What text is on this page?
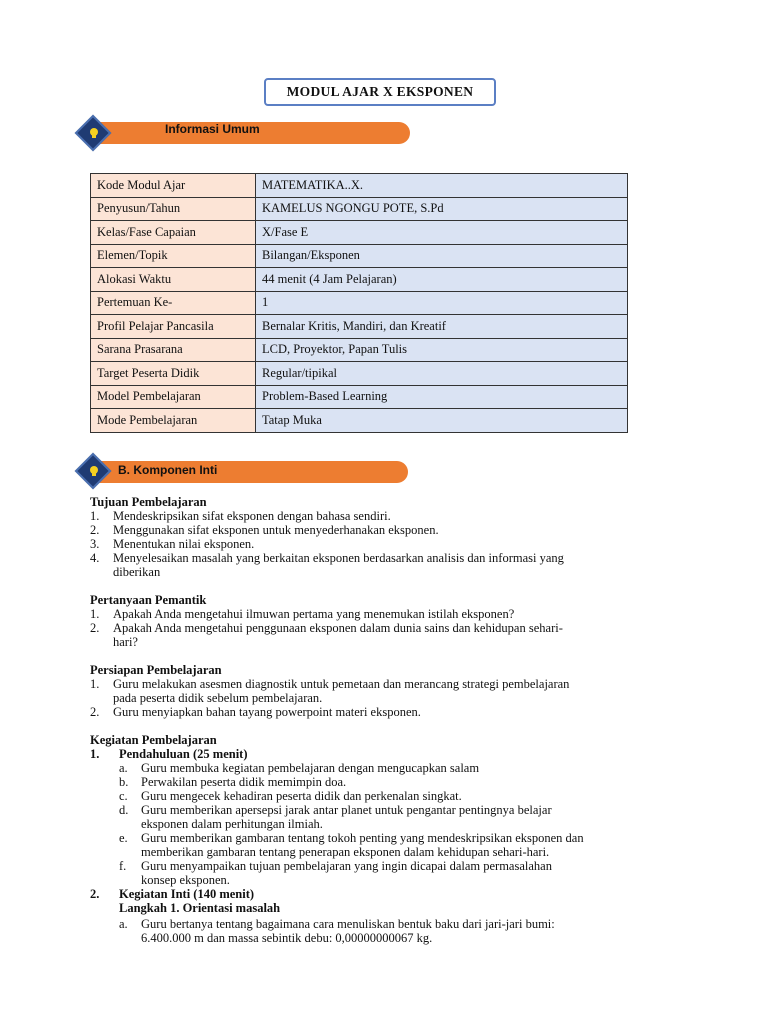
MODUL AJAR X EKSPONEN
Informasi Umum
Kode Modul Ajar	MATEMATIKA..X.
Penyusun/Tahun	KAMELUS NGONGU POTE, S.Pd
Kelas/Fase Capaian	X/Fase E
Elemen/Topik	Bilangan/Eksponen
Alokasi Waktu	44 menit (4 Jam Pelajaran)
Pertemuan Ke-	1
Profil Pelajar Pancasila	Bernalar Kritis, Mandiri, dan Kreatif
Sarana Prasarana	LCD, Proyektor, Papan Tulis
Target Peserta Didik	Regular/tipikal
Model Pembelajaran	Problem-Based Learning
Mode Pembelajaran	Tatap Muka
B. Komponen Inti
Tujuan Pembelajaran
1. Mendeskripsikan sifat eksponen dengan bahasa sendiri.
2. Menggunakan sifat eksponen untuk menyederhanakan eksponen.
3. Menentukan nilai eksponen.
4. Menyelesaikan masalah yang berkaitan eksponen berdasarkan analisis dan informasi yang
diberikan
Pertanyaan Pemantik
1. Apakah Anda mengetahui ilmuwan pertama yang menemukan istilah eksponen?
2. Apakah Anda mengetahui penggunaan eksponen dalam dunia sains dan kehidupan sehari-
hari?
Persiapan Pembelajaran
1. Guru melakukan asesmen diagnostik untuk pemetaan dan merancang strategi pembelajaran
pada peserta didik sebelum pembelajaran.
2. Guru menyiapkan bahan tayang powerpoint materi eksponen.
Kegiatan Pembelajaran
1. Pendahuluan (25 menit)
a. Guru membuka kegiatan pembelajaran dengan mengucapkan salam
b. Perwakilan peserta didik memimpin doa.
c. Guru mengecek kehadiran peserta didik dan perkenalan singkat.
d. Guru memberikan apersepsi jarak antar planet untuk pengantar pentingnya belajar
eksponen dalam perhitungan ilmiah.
e. Guru memberikan gambaran tentang tokoh penting yang mendeskripsikan eksponen dan
memberikan gambaran tentang penerapan eksponen dalam kehidupan sehari-hari.
f. Guru menyampaikan tujuan pembelajaran yang ingin dicapai dalam permasalahan
konsep eksponen.
2. Kegiatan Inti (140 menit)
Langkah 1. Orientasi masalah
a. Guru bertanya tentang bagaimana cara menuliskan bentuk baku dari jari-jari bumi:
6.400.000 m dan massa sebintik debu: 0,00000000067 kg.
